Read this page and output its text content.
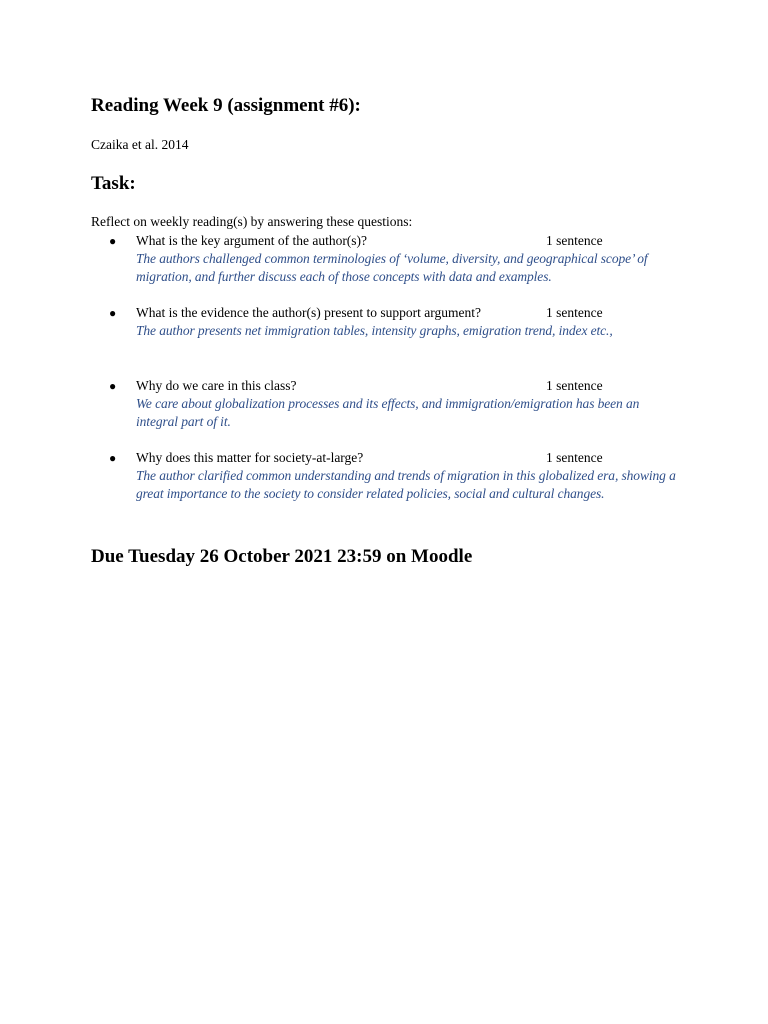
Reading Week 9 (assignment #6):

Czaika et al. 2014

Task:

Reflect on weekly reading(s) by answering these questions:

● What is the key argument of the author(s)?	1 sentence

The authors challenged common terminologies of ‘volume, diversity, and geographical scope’ of migration, and further discuss each of those concepts with data and examples.

● What is the evidence the author(s) present to support argument?	1 sentence

The author presents net immigration tables, intensity graphs, emigration trend, index etc.,

● Why do we care in this class?	1 sentence

We care about globalization processes and its effects, and immigration/emigration has been an integral part of it.

● Why does this matter for society-at-large?	1 sentence

The author clarified common understanding and trends of migration in this globalized era, showing a great importance to the society to consider related policies, social and cultural changes.

Due Tuesday 26 October 2021 23:59 on Moodle
